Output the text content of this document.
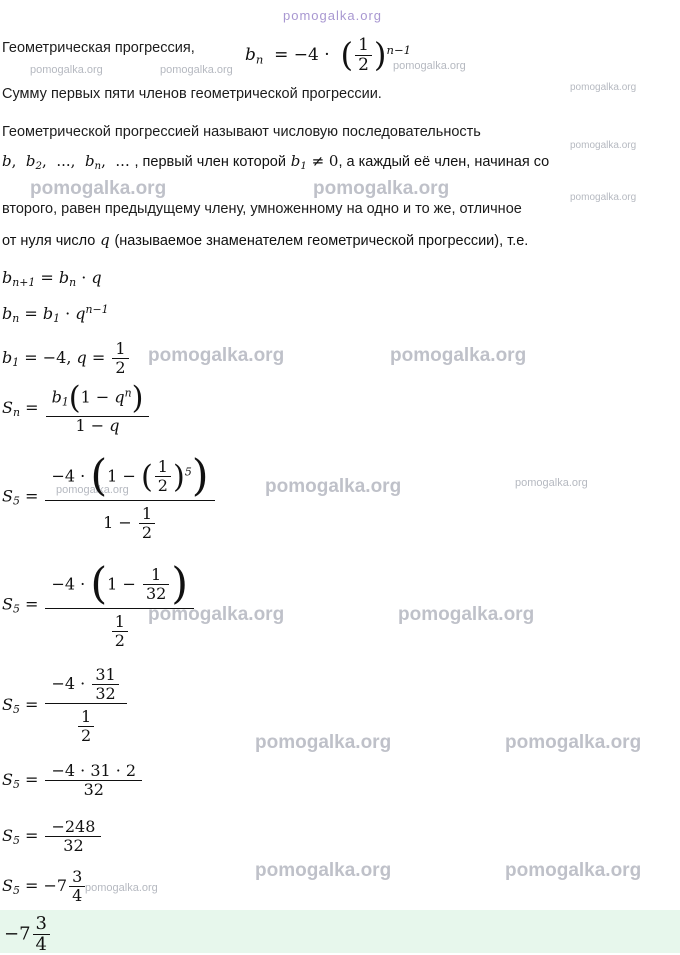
pomogalka.org
pomogalka.org	pomogalka.org	pomogalka.org
pomogalka.org
pomogalka.org
pomogalka.org
pomogalka.org	pomogalka.org
pomogalka.org	pomogalka.org
pomogalka.org	pomogalka.org	pomogalka.org
pomogalka.org	pomogalka.org
pomogalka.org	pomogalka.org
pomogalka.org	pomogalka.org
pomogalka.org
Геометрическая прогрессия,	$b_n = -4$ ·  ( $\frac{1}{2} )^{n-1}$
Сумму первых пяти членов геометрической прогрессии.
Геометрической прогрессией называют числовую последовательность
b,  $b_2$,  ...,  $b_n$,  ... , первый член которой $b_1 \ne 0$, а каждый её член, начиная со
второго, равен предыдущему члену, умноженному на одно и то же, отличное
от нуля число q (называемое знаменателем геометрической прогрессии), т.е.
$b_{n+1} = b_n \cdot q$
$b_n = b_1 \cdot q^{n-1}$
$b_1 = -4$, $q = \frac{1}{2}$
$S_n = \frac{b_1(1 - q^n)}{1 - q}$
$S_5 = \frac{-4 \cdot (1 - ( \frac{1}{2} )^5)}{1 - \frac{1}{2}}$
$S_5 = \frac{-4 \cdot (1 - \frac{1}{32} )}{\frac{1}{2}}$
$S_5 = \frac{-4 \cdot \frac{31}{32}}{\frac{1}{2}}$
$S_5 = \frac{-4 \cdot 31 \cdot 2}{32}$
$S_5 = \frac{-248}{32}$
$S_5 = -7 \frac{3}{4}$
$-7 \frac{3}{4}$
